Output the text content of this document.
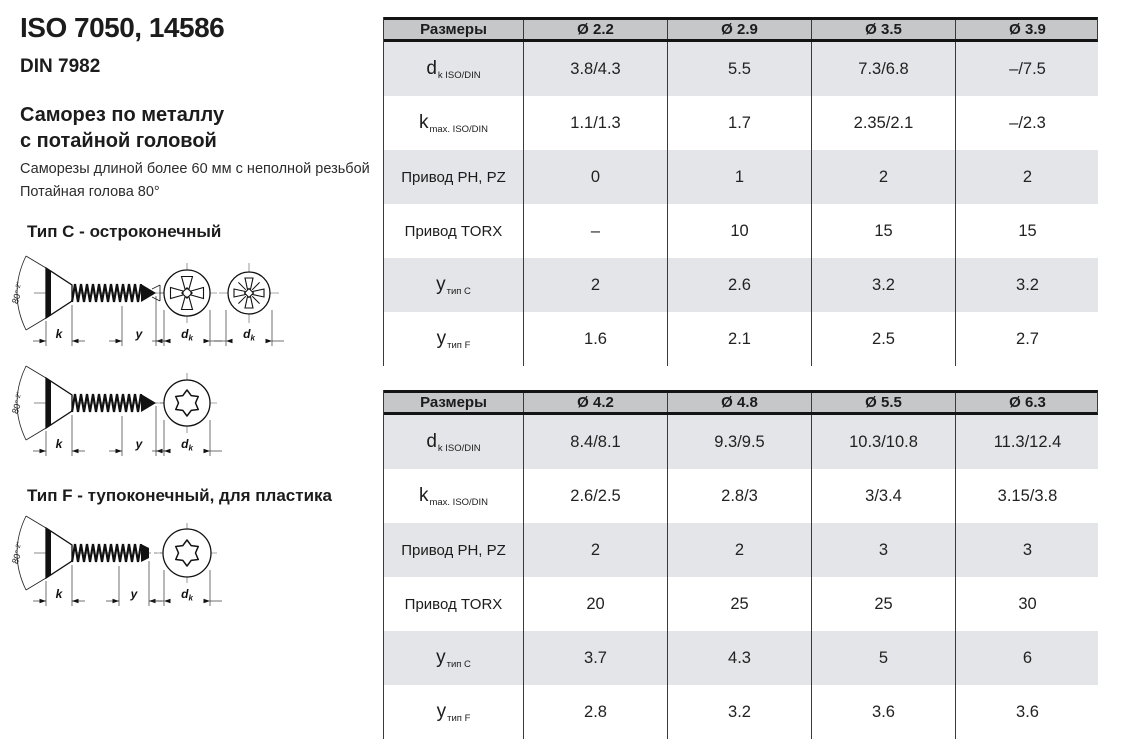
ISO 7050, 14586
DIN 7982
Саморез по металлу
с потайной головой
Саморезы длиной более 60 мм с неполной резьбой
Потайная голова 80°
Тип C - остроконечный
Тип F - тупоконечный, для пластика
Размеры	Ø 2.2	Ø 2.9	Ø 3.5	Ø 3.9
$d_{k ISO/DIN}$	3.8/4.3	5.5	7.3/6.8	–/7.5
$k_{max. ISO/DIN}$	1.1/1.3	1.7	2.35/2.1	–/2.3
Привод PH, PZ	0	1	2	2
Привод TORX	–	10	15	15
$y_{тип C}$	2	2.6	3.2	3.2
$y_{тип F}$	1.6	2.1	2.5	2.7
Размеры	Ø 4.2	Ø 4.8	Ø 5.5	Ø 6.3
$d_{k ISO/DIN}$	8.4/8.1	9.3/9.5	10.3/10.8	11.3/12.4
$k_{max. ISO/DIN}$	2.6/2.5	2.8/3	3/3.4	3.15/3.8
Привод PH, PZ	2	2	3	3
Привод TORX	20	25	25	30
$y_{тип C}$	3.7	4.3	5	6
$y_{тип F}$	2.8	3.2	3.6	3.6
